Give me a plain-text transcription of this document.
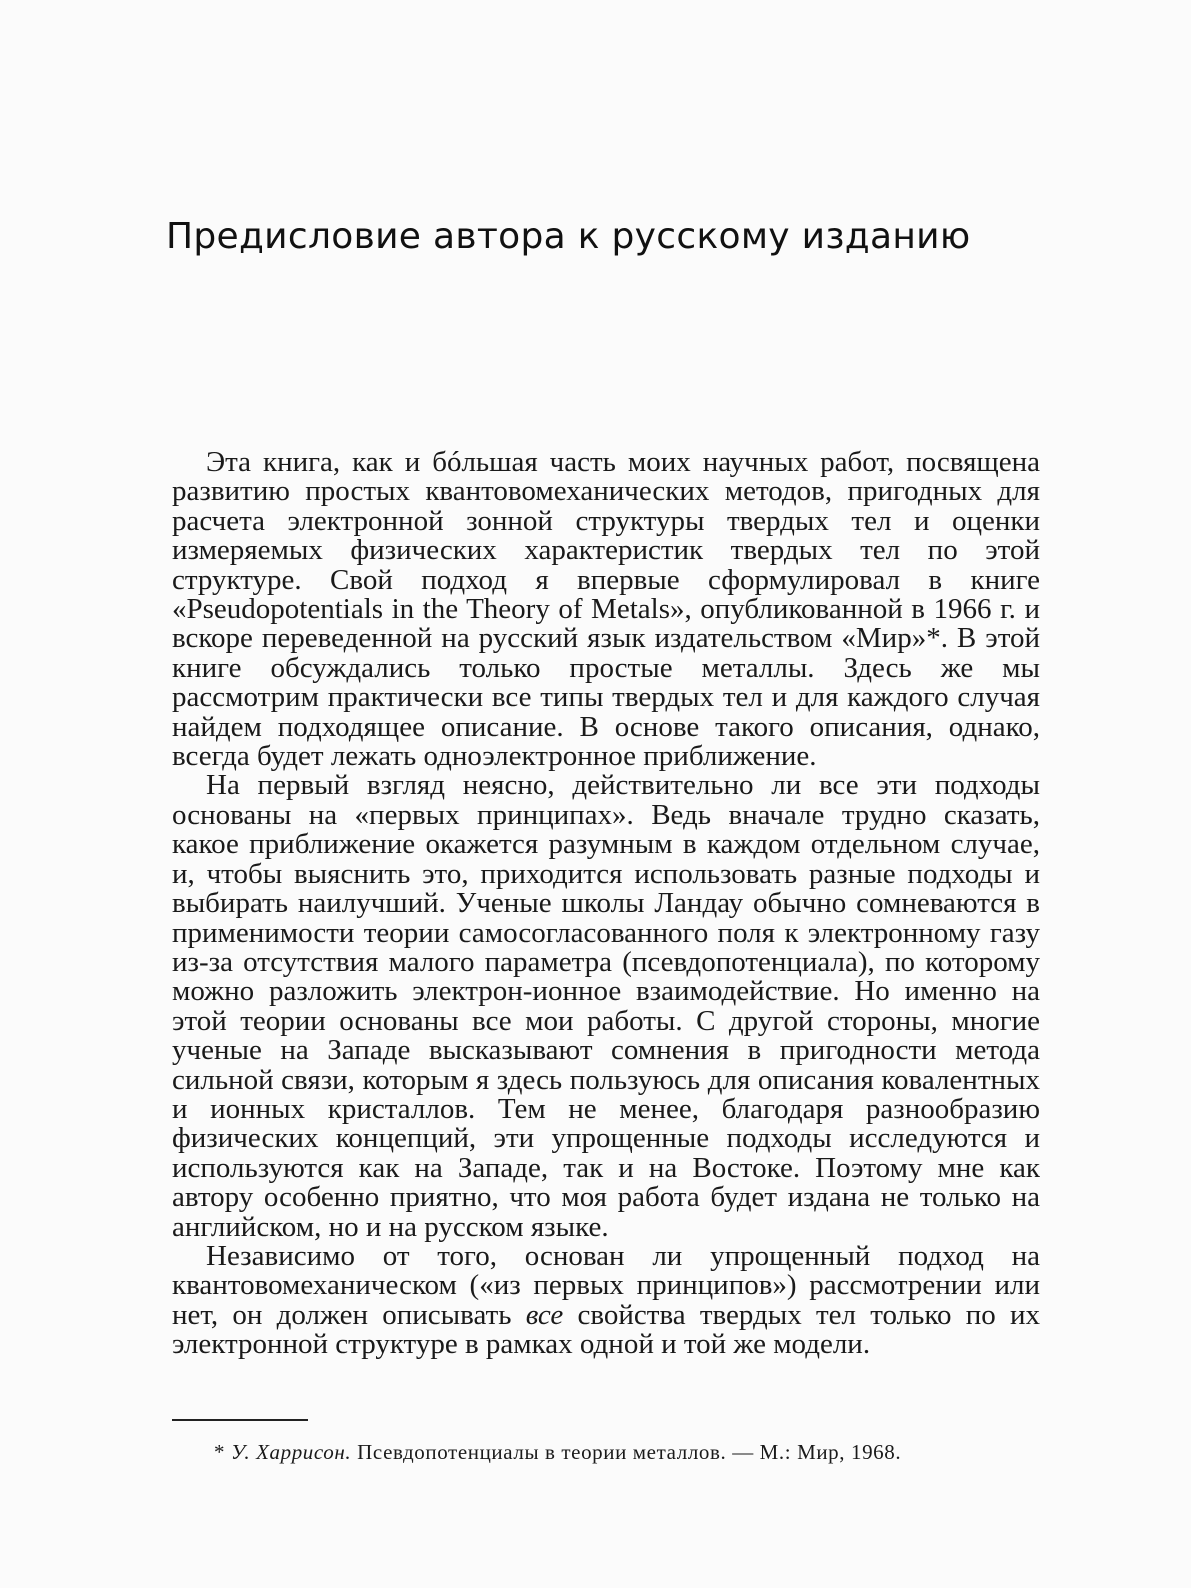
Предисловие автора к русскому изданию

Эта книга, как и бóльшая часть моих научных работ, посвящена развитию простых квантовомеханических методов, пригодных для расчета электронной зонной структуры твердых тел и оценки измеряемых физических характеристик твердых тел по этой структуре. Свой подход я впервые сформулировал в книге «Pseudopotentials in the Theory of Metals», опубликованной в 1966 г. и вскоре переведенной на русский язык издательством «Мир»*. В этой книге обсуждались только простые металлы. Здесь же мы рассмотрим практически все типы твердых тел и для каждого случая найдем подходящее описание. В основе такого описания, однако, всегда будет лежать одноэлектронное приближение.

На первый взгляд неясно, действительно ли все эти подходы основаны на «первых принципах». Ведь вначале трудно сказать, какое приближение окажется разумным в каждом отдельном случае, и, чтобы выяснить это, приходится использовать разные подходы и выбирать наилучший. Ученые школы Ландау обычно сомневаются в применимости теории самосогласованного поля к электронному газу из-за отсутствия малого параметра (псевдопотенциала), по которому можно разложить электрон-ионное взаимодействие. Но именно на этой теории основаны все мои работы. С другой стороны, многие ученые на Западе высказывают сомнения в пригодности метода сильной связи, которым я здесь пользуюсь для описания ковалентных и ионных кристаллов. Тем не менее, благодаря разнообразию физических концепций, эти упрощенные подходы исследуются и используются как на Западе, так и на Востоке. Поэтому мне как автору особенно приятно, что моя работа будет издана не только на английском, но и на русском языке.

Независимо от того, основан ли упрощенный подход на квантовомеханическом («из первых принципов») рассмотрении или нет, он должен описывать все свойства твердых тел только по их электронной структуре в рамках одной и той же модели.

* У. Харрисон. Псевдопотенциалы в теории металлов. — М.: Мир, 1968.
